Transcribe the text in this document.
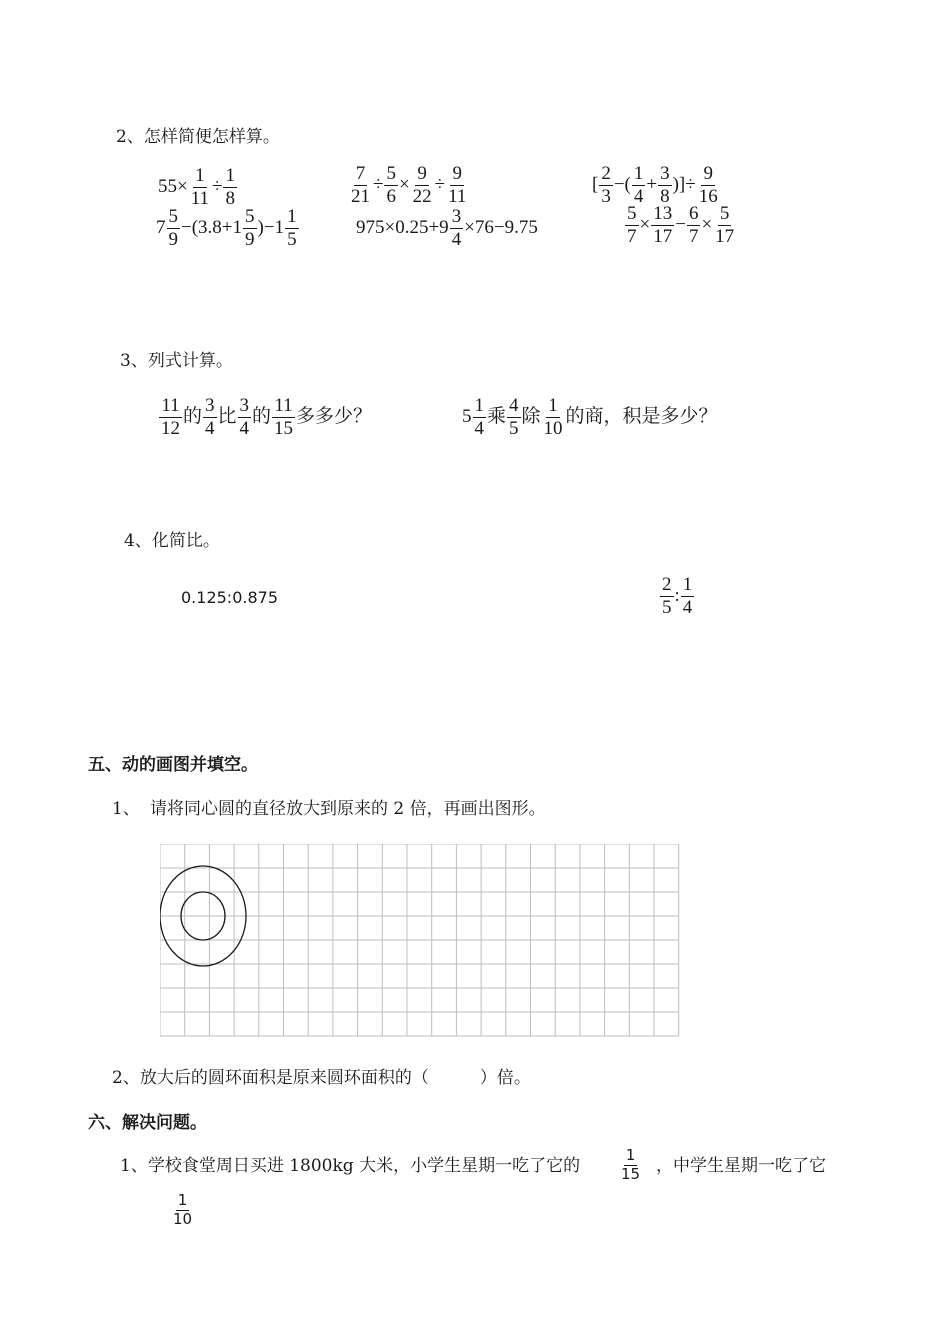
2、怎样简便怎样算。
$55\times \frac{1}{11} \div \frac{1}{8}$	$\frac{7}{21} \div \frac{5}{6} \times \frac{9}{22} \div \frac{9}{11}$	[ $\frac{2}{3}$ −( $\frac{1}{4} + \frac{3}{8}$ )]÷ $\frac{9}{16}$
$7 \frac{5}{9} -(3.8+1 \frac{5}{9} )-1 \frac{1}{5}$	$975\times 0.25+9 \frac{3}{4} \times 76-9.75$	$\frac{5}{7} \times \frac{13}{17} - \frac{6}{7} \times \frac{5}{17}$
3、列式计算。
$\frac{11}{12}$ 的 $\frac{3}{4}$ 比 $\frac{3}{4}$ 的 $\frac{11}{15}$ 多多少？	$5 \frac{1}{4}$ 乘 $\frac{4}{5}$ 除 $\frac{1}{10}$ 的商，积是多少？
4、化简比。
0.125:0.875	$\frac{2}{5}$ : $\frac{1}{4}$
五、动的画图并填空。
1、 请将同心圆的直径放大到原来的 2 倍，再画出图形。
2、放大后的圆环面积是原来圆环面积的（　　　）倍。
六、解决问题。
1、学校食堂周日买进 1800kg 大米，小学生星期一吃了它的	$\frac{1}{15}$ ，中学生星期一吃了它
$\frac{1}{10}$
